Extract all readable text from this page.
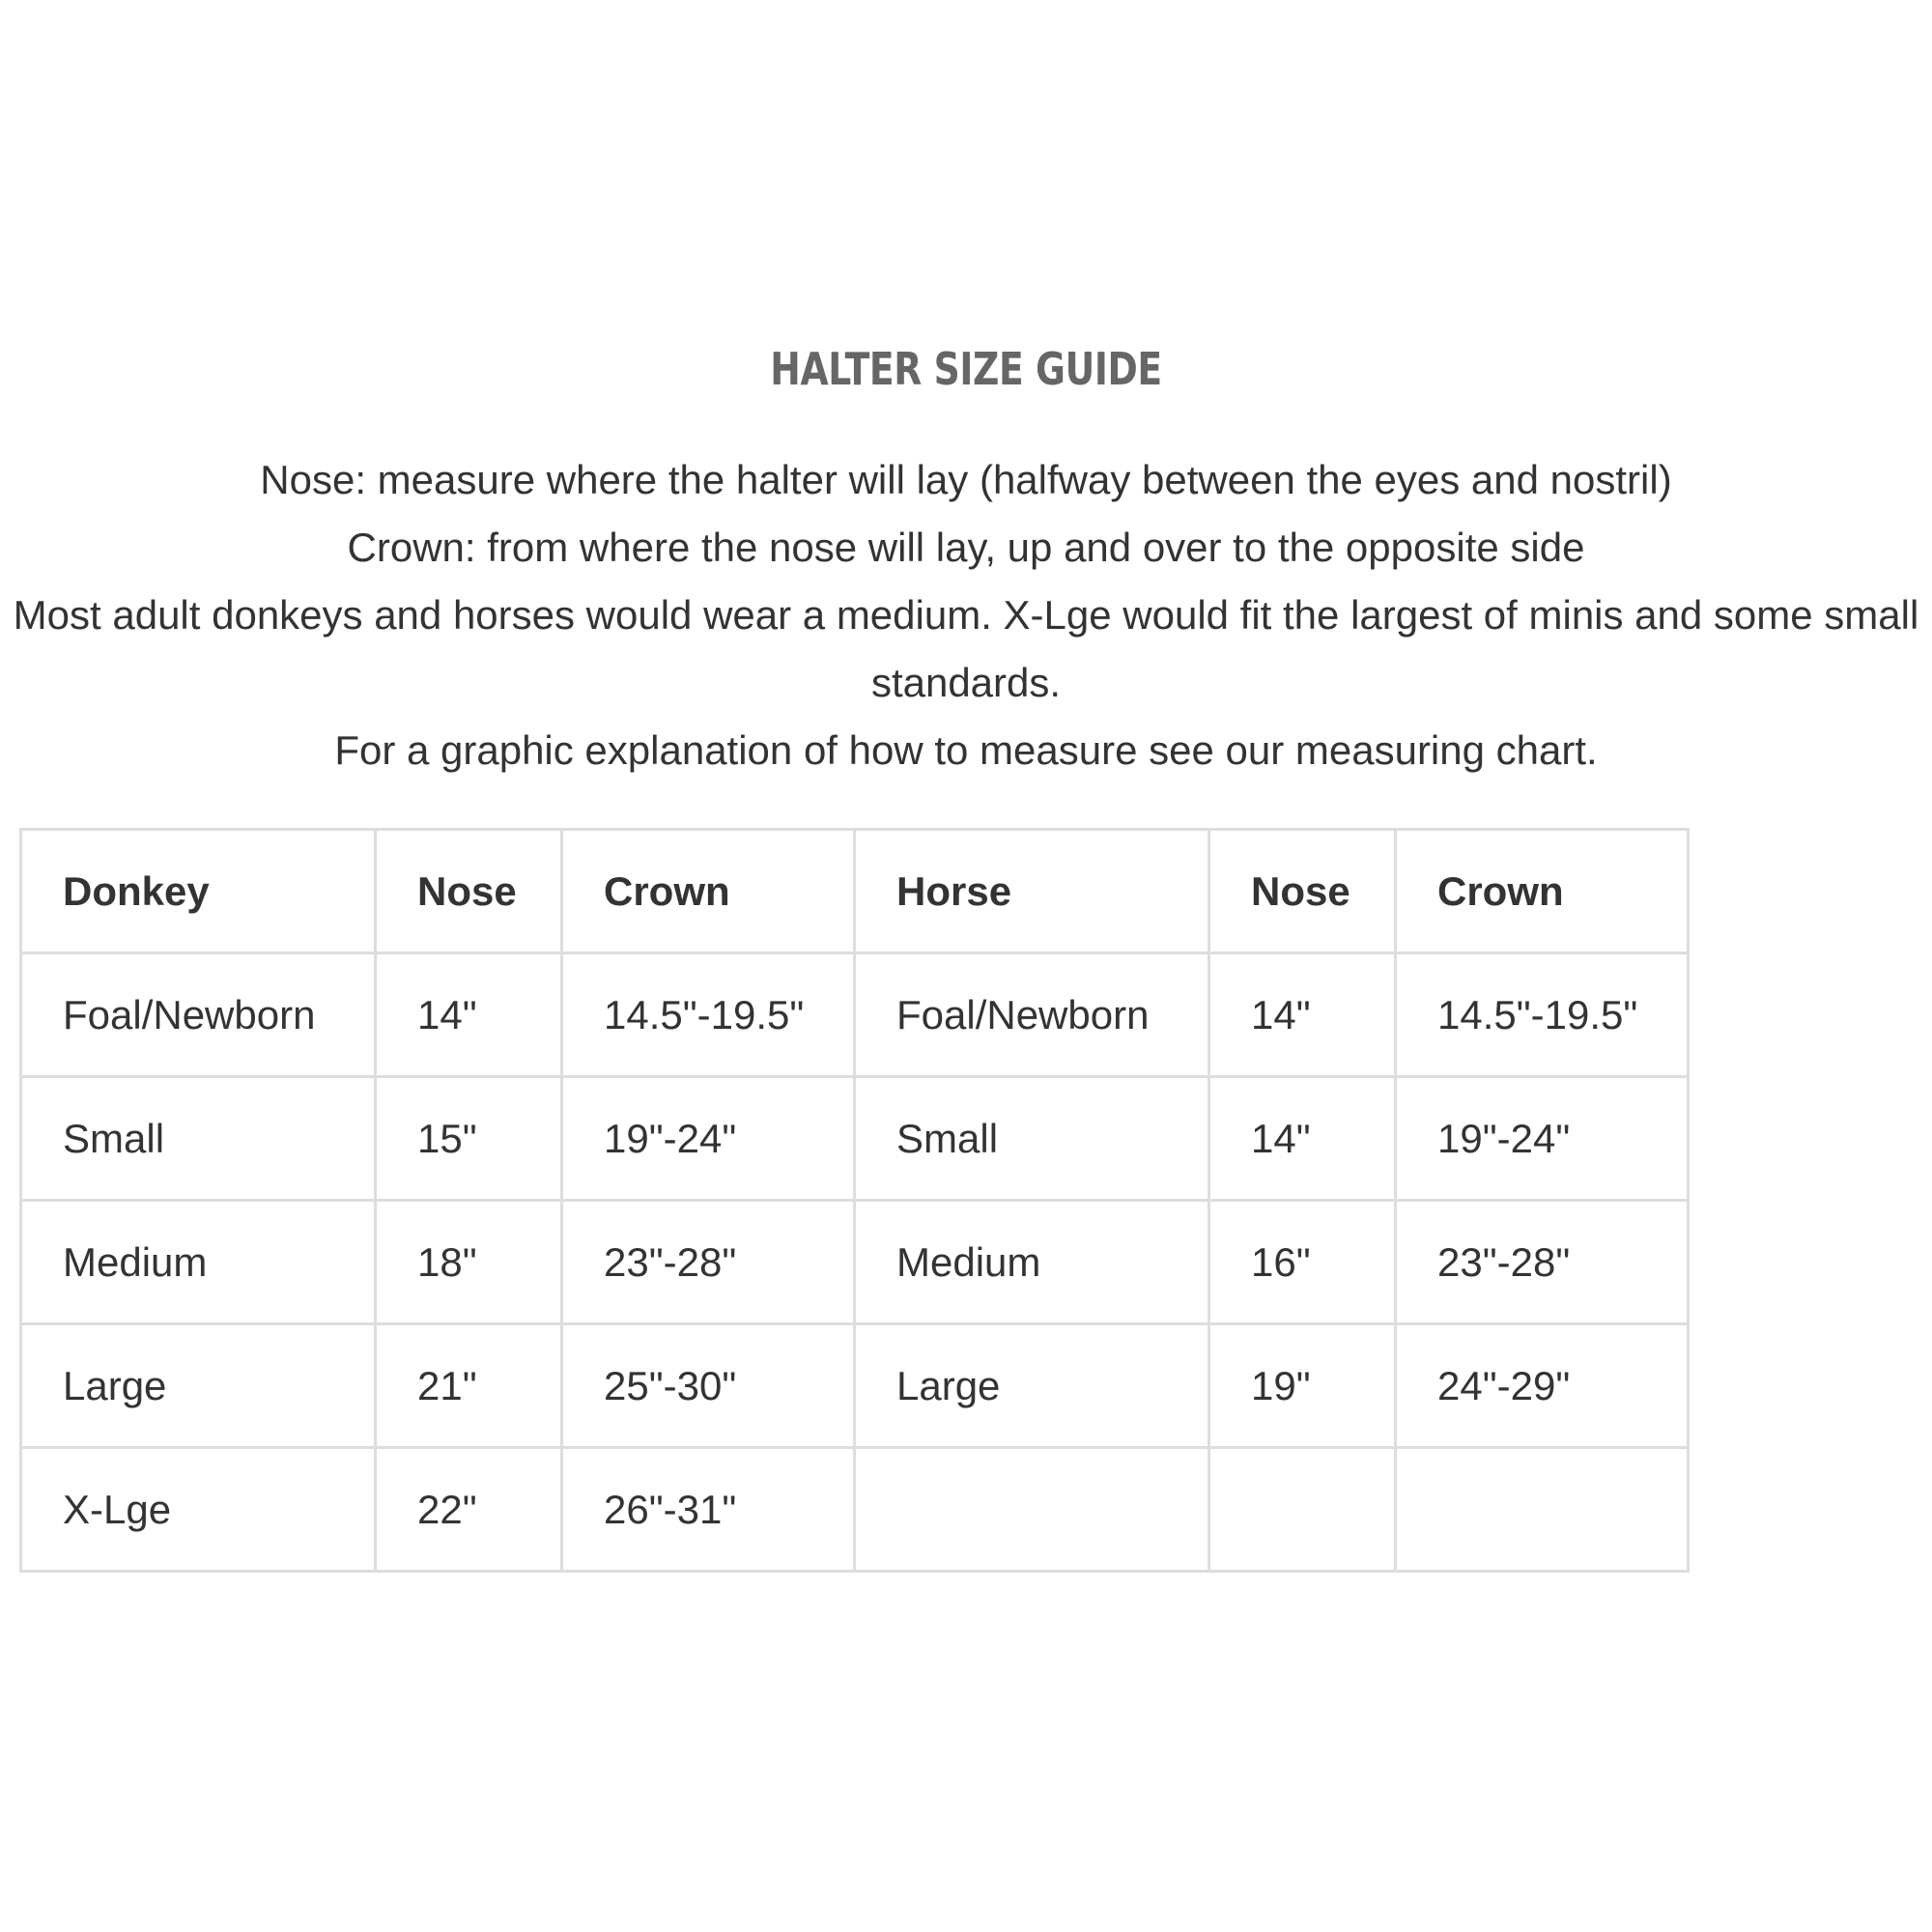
HALTER SIZE GUIDE

Nose: measure where the halter will lay (halfway between the eyes and nostril)

Crown: from where the nose will lay, up and over to the opposite side

Most adult donkeys and horses would wear a medium. X-Lge would fit the largest of minis and some small standards.

For a graphic explanation of how to measure see our measuring chart.

Donkey	Nose	Crown	Horse	Nose	Crown
Foal/Newborn	14"	14.5"-19.5"	Foal/Newborn	14"	14.5"-19.5"
Small	15"	19"-24"	Small	14"	19"-24"
Medium	18"	23"-28"	Medium	16"	23"-28"
Large	21"	25"-30"	Large	19"	24"-29"
X-Lge	22"	26"-31"			
